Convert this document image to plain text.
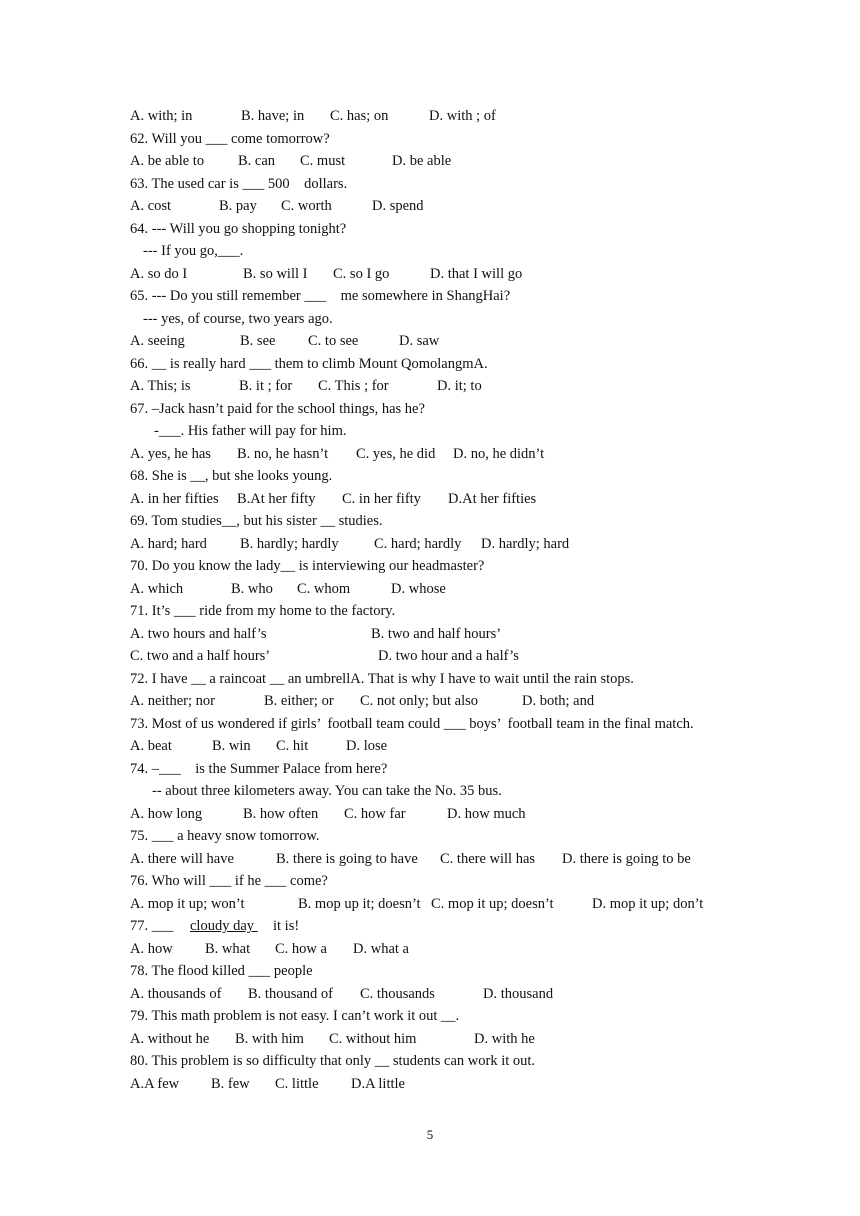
A. with; in	B. have; in C. has; on	D. with ; of
62. Will you ___ come tomorrow?
A. be able to B. can C. must	D. be able
63. The used car is ___ 500    dollars.
A. cost	B. pay C. worth	D. spend
64. --- Will you go shopping tonight?
--- If you go,___.
A. so do I	B. so will I C. so I go	D. that I will go
65. --- Do you still remember ___    me somewhere in ShangHai?
--- yes, of course, two years ago.
A. seeing	B. see C. to see	D. saw
66. __ is really hard ___ them to climb Mount QomolangmA.
A. This; is	B. it ; for C. This ; for	D. it; to
67. –Jack hasn’t paid for the school things, has he?
-___. His father will pay for him.
A. yes, he has B. no, he hasn’t C. yes, he did D. no, he didn’t
68. She is __, but she looks young.
A. in her fifties B.At her fifty C. in her fifty D.At her fifties
69. Tom studies__, but his sister __ studies.
A. hard; hard B. hardly; hardly C. hard; hardly D. hardly; hard
70. Do you know the lady__ is interviewing our headmaster?
A. which	B. who C. whom	D. whose
71. It’s ___ ride from my home to the factory.
A. two hours and half’s	B. two and half hours’
C. two and a half hours’	D. two hour and a half’s
72. I have __ a raincoat __ an umbrellA. That is why I have to wait until the rain stops.
A. neither; nor	B. either; or C. not only; but also	D. both; and
73. Most of us wondered if girls’  football team could ___ boys’  football team in the final match.
A. beat	B. win C. hit	D. lose
74. –___    is the Summer Palace from here?
-- about three kilometers away. You can take the No. 35 bus.
A. how long	B. how often C. how far	D. how much
75. ___ a heavy snow tomorrow.
A. there will have	B. there is going to have C. there will has D. there is going to be
76. Who will ___ if he ___ come?
A. mop it up; won’t	B. mop up it; doesn’t C. mop it up; doesn’t	D. mop it up; don’t
77. ___ cloudy day it is!
A. how B. what C. how a D. what a
78. The flood killed ___ people
A. thousands of B. thousand of C. thousands	D. thousand
79. This math problem is not easy. I can’t work it out __.
A. without he B. with him C. without him	D. with he
80. This problem is so difficulty that only __ students can work it out.
A.A few B. few C. little D.A little
5
